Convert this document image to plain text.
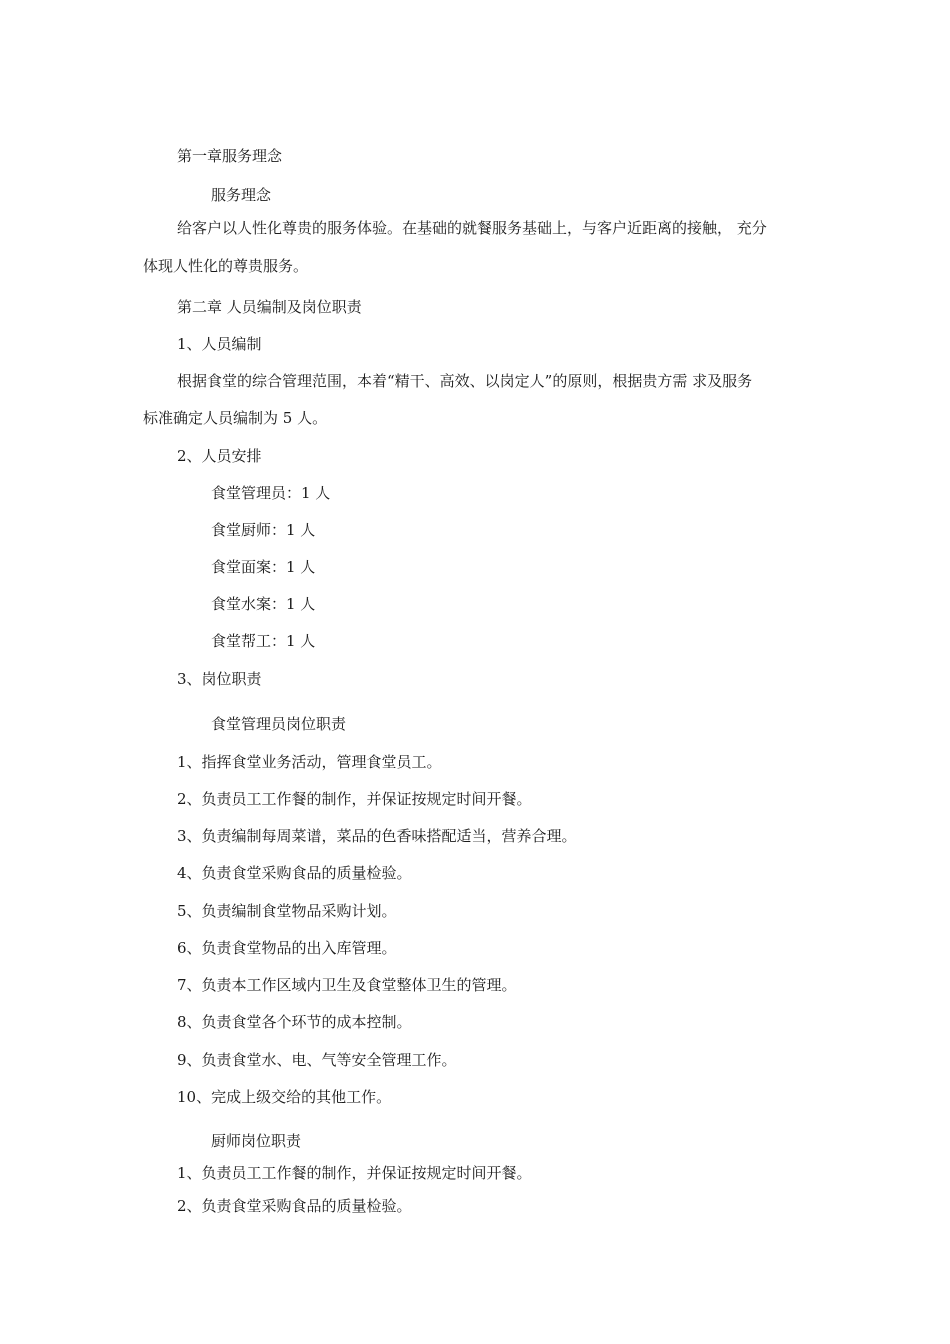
第一章服务理念

服务理念

给客户以人性化尊贵的服务体验。在基础的就餐服务基础上，与客户近距离的接触， 充分

体现人性化的尊贵服务。

第二章 人员编制及岗位职责

1、人员编制

根据食堂的综合管理范围，本着“精干、高效、以岗定人”的原则，根据贵方需 求及服务

标准确定人员编制为 5 人。

2、人员安排

食堂管理员：1 人

食堂厨师：1 人

食堂面案：1 人

食堂水案：1 人

食堂帮工：1 人

3、岗位职责

食堂管理员岗位职责

1、指挥食堂业务活动，管理食堂员工。

2、负责员工工作餐的制作，并保证按规定时间开餐。

3、负责编制每周菜谱，菜品的色香味搭配适当，营养合理。

4、负责食堂采购食品的质量检验。

5、负责编制食堂物品采购计划。

6、负责食堂物品的出入库管理。

7、负责本工作区域内卫生及食堂整体卫生的管理。

8、负责食堂各个环节的成本控制。

9、负责食堂水、电、气等安全管理工作。

10、完成上级交给的其他工作。

厨师岗位职责

1、负责员工工作餐的制作，并保证按规定时间开餐。

2、负责食堂采购食品的质量检验。
